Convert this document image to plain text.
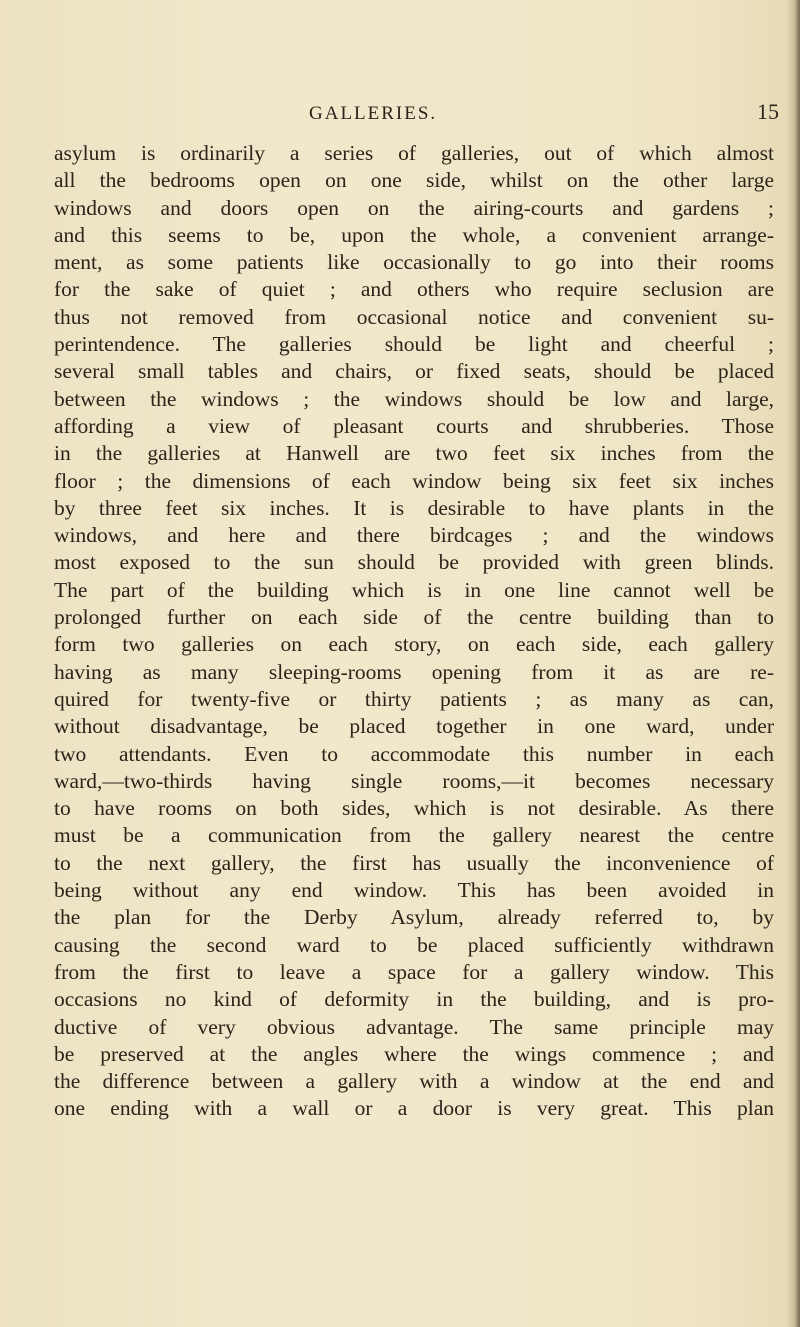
GALLERIES.	15
asylum is ordinarily a series of galleries, out of which almost
all the bedrooms open on one side, whilst on the other large
windows and doors open on the airing-courts and gardens ;
and this seems to be, upon the whole, a convenient arrange-
ment, as some patients like occasionally to go into their rooms
for the sake of quiet ; and others who require seclusion are
thus not removed from occasional notice and convenient su-
perintendence. The galleries should be light and cheerful ;
several small tables and chairs, or fixed seats, should be placed
between the windows ; the windows should be low and large,
affording a view of pleasant courts and shrubberies. Those
in the galleries at Hanwell are two feet six inches from the
floor ; the dimensions of each window being six feet six inches
by three feet six inches. It is desirable to have plants in the
windows, and here and there birdcages ; and the windows
most exposed to the sun should be provided with green blinds.
The part of the building which is in one line cannot well be
prolonged further on each side of the centre building than to
form two galleries on each story, on each side, each gallery
having as many sleeping-rooms opening from it as are re-
quired for twenty-five or thirty patients ; as many as can,
without disadvantage, be placed together in one ward, under
two attendants. Even to accommodate this number in each
ward,—two-thirds having single rooms,—it becomes necessary
to have rooms on both sides, which is not desirable. As there
must be a communication from the gallery nearest the centre
to the next gallery, the first has usually the inconvenience of
being without any end window. This has been avoided in
the plan for the Derby Asylum, already referred to, by
causing the second ward to be placed sufficiently withdrawn
from the first to leave a space for a gallery window. This
occasions no kind of deformity in the building, and is pro-
ductive of very obvious advantage. The same principle may
be preserved at the angles where the wings commence ; and
the difference between a gallery with a window at the end and
one ending with a wall or a door is very great. This plan
